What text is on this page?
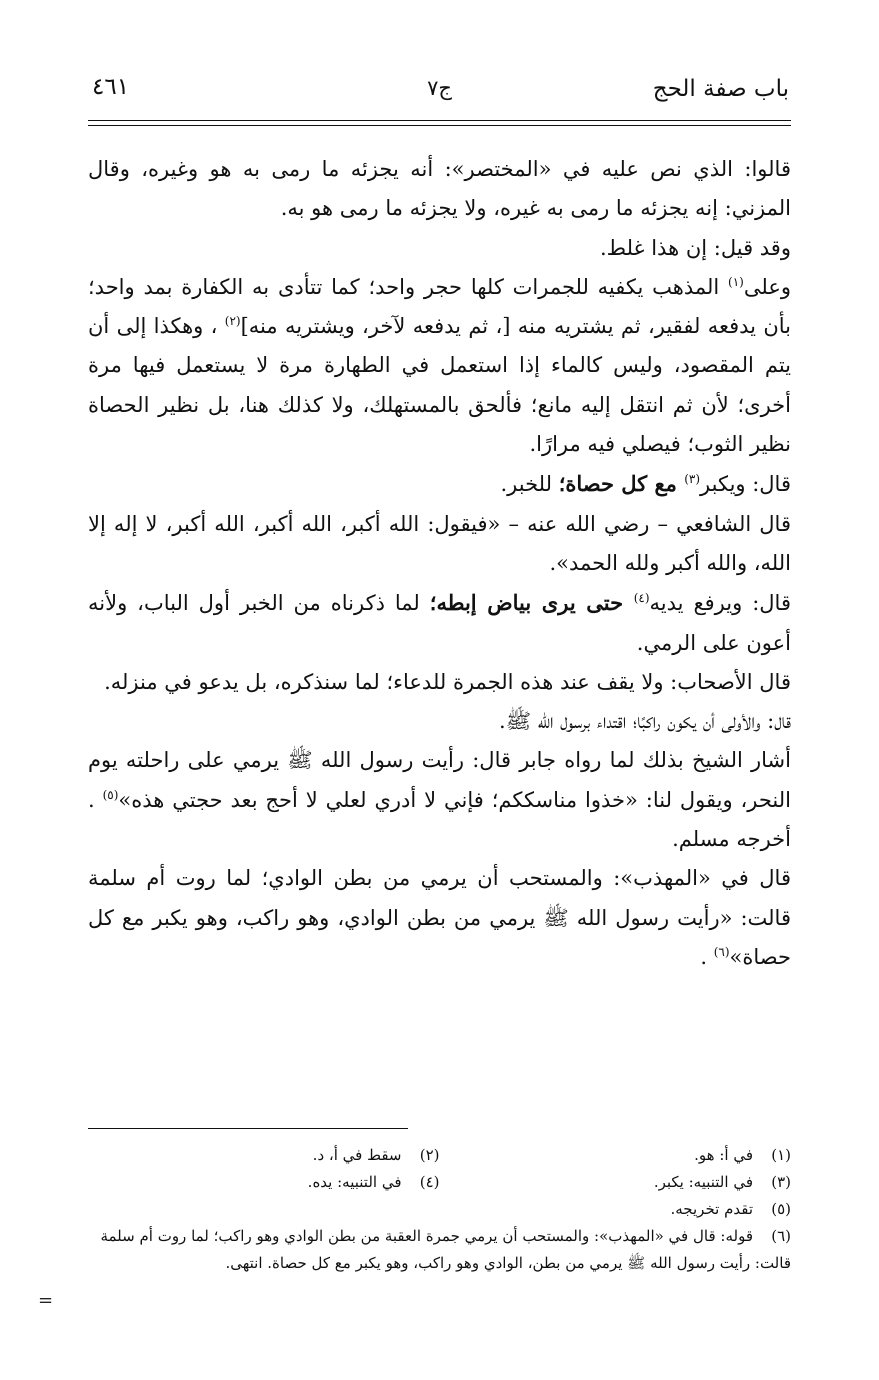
باب صفة الحج
ج٧
٤٦١

قالوا: الذي نص عليه في «المختصر»: أنه يجزئه ما رمى به هو وغيره، وقال المزني: إنه يجزئه ما رمى به غيره، ولا يجزئه ما رمى هو به.

وقد قيل: إن هذا غلط.

وعلى$^{(١)}$ المذهب يكفيه للجمرات كلها حجر واحد؛ كما تتأدى به الكفارة بمد واحد؛ بأن يدفعه لفقير، ثم يشتريه منه [، ثم يدفعه لآخر، ويشتريه منه]$^{(٢)}$ ، وهكذا إلى أن يتم المقصود، وليس كالماء إذا استعمل في الطهارة مرة لا يستعمل فيها مرة أخرى؛ لأن ثم انتقل إليه مانع؛ فألحق بالمستهلك، ولا كذلك هنا، بل نظير الحصاة نظير الثوب؛ فيصلي فيه مرارًا.

قال: ويكبر$^{(٣)}$ مع كل حصاة؛ للخبر.

قال الشافعي – رضي الله عنه – «فيقول: الله أكبر، الله أكبر، الله أكبر، لا إله إلا الله، والله أكبر ولله الحمد».

قال: ويرفع يديه$^{(٤)}$ حتى يرى بياض إبطه؛ لما ذكرناه من الخبر أول الباب، ولأنه أعون على الرمي.

قال الأصحاب: ولا يقف عند هذه الجمرة للدعاء؛ لما سنذكره، بل يدعو في منزله.

قال: والأولى أن يكون راكبًا؛ اقتداء برسول الله ﷺ.

أشار الشيخ بذلك لما رواه جابر قال: رأيت رسول الله ﷺ يرمي على راحلته يوم النحر، ويقول لنا: «خذوا مناسككم؛ فإني لا أدري لعلي لا أحج بعد حجتي هذه»$^{(٥)}$ . أخرجه مسلم.

قال في «المهذب»: والمستحب أن يرمي من بطن الوادي؛ لما روت أم سلمة قالت: «رأيت رسول الله ﷺ يرمي من بطن الوادي، وهو راكب، وهو يكبر مع كل حصاة»$^{(٦)}$ .

(١)في أ: هو.
(٢)سقط في أ، د.
(٣)في التنبيه: يكبر.
(٤)في التنبيه: يده.
(٥)تقدم تخريجه.
(٦)قوله: قال في «المهذب»: والمستحب أن يرمي جمرة العقبة من بطن الوادي وهو راكب؛ لما روت أم سلمة قالت: رأيت رسول الله ﷺ يرمي من بطن، الوادي وهو راكب، وهو يكبر مع كل حصاة. انتهى.
=
